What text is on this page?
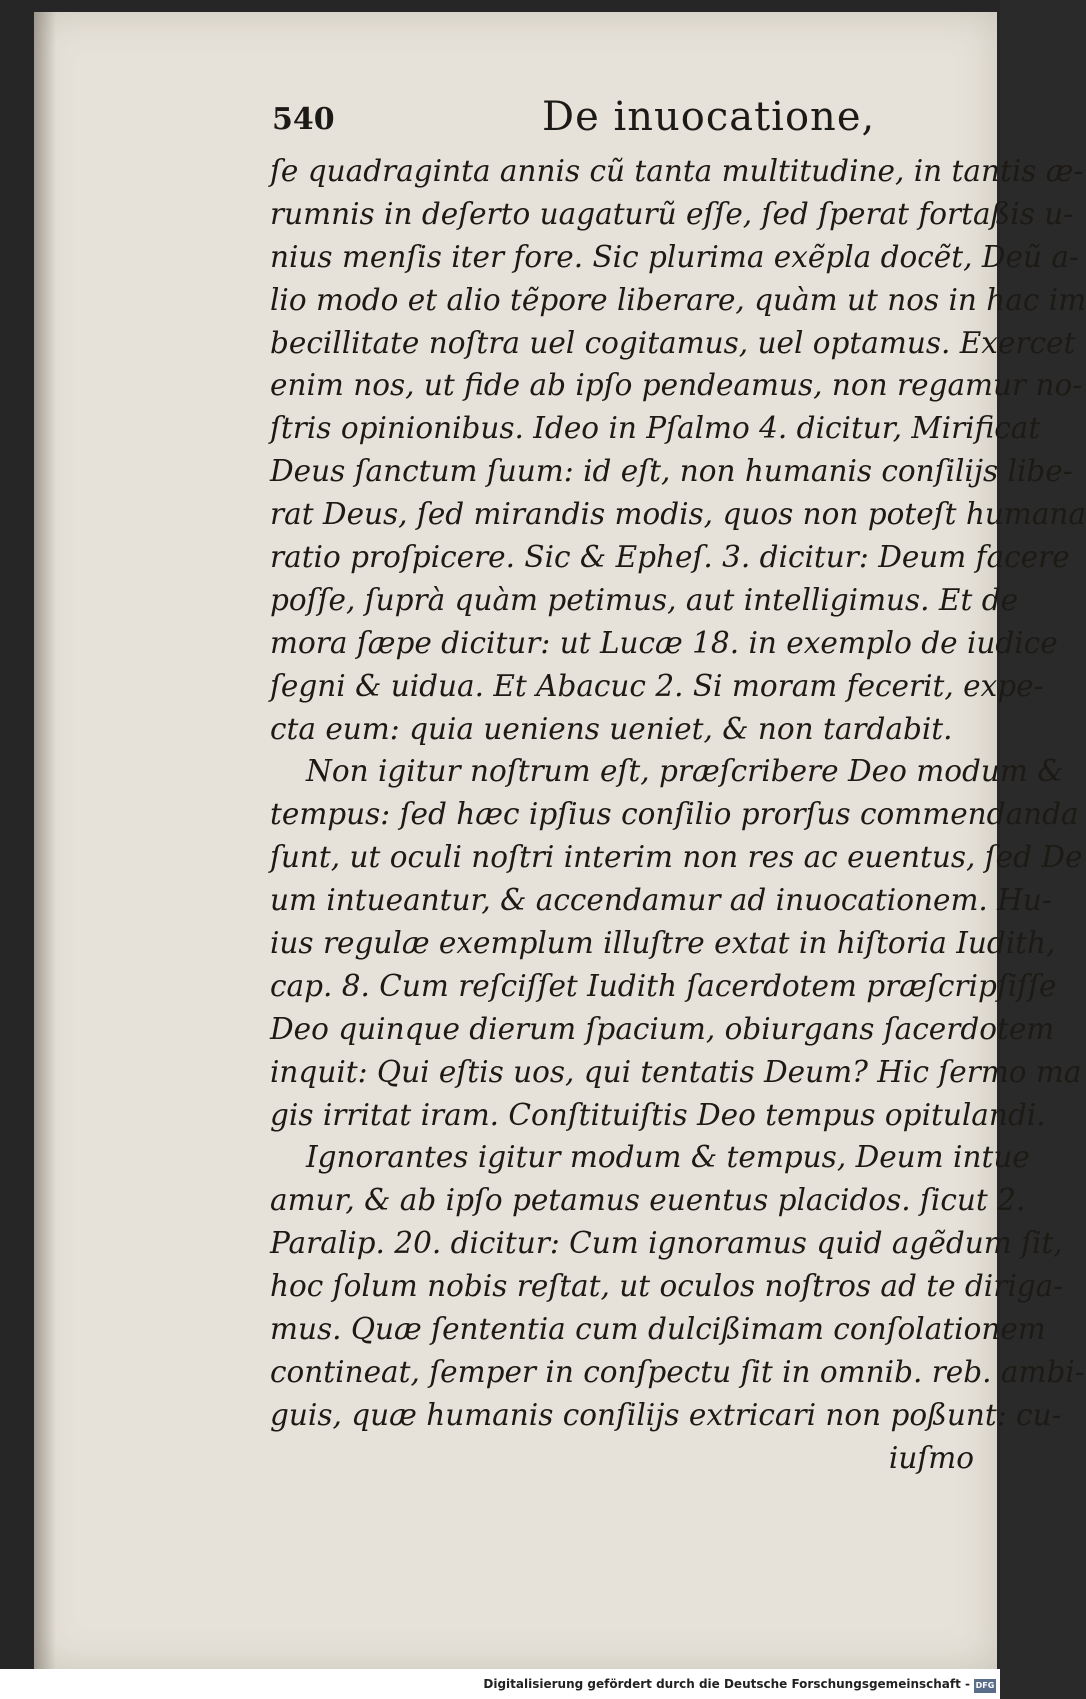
540	De inuocatione,
ſe quadraginta annis cũ tanta multitudine, in tantis æ-
rumnis in deſerto uagaturũ eſſe, ſed ſperat fortaßis u-
nius menſis iter fore. Sic plurima exẽpla docẽt, Deũ a-
lio modo et alio tẽpore liberare, quàm ut nos in hac im
becillitate noſtra uel cogitamus, uel optamus. Exercet
enim nos, ut fide ab ipſo pendeamus, non regamur no-
ſtris opinionibus. Ideo in Pſalmo 4. dicitur, Mirificat
Deus ſanctum ſuum: id eſt, non humanis conſilijs libe-
rat Deus, ſed mirandis modis, quos non poteſt humana
ratio proſpicere. Sic & Epheſ. 3. dicitur: Deum facere
poſſe, ſuprà quàm petimus, aut intelligimus. Et de
mora ſæpe dicitur: ut Lucæ 18. in exemplo de iudice
ſegni & uidua. Et Abacuc 2. Si moram fecerit, expe-
cta eum: quia ueniens ueniet, & non tardabit.
Non igitur noſtrum eſt, præſcribere Deo modum &
tempus: ſed hæc ipſius conſilio prorſus commendanda
ſunt, ut oculi noſtri interim non res ac euentus, ſed De
um intueantur, & accendamur ad inuocationem. Hu-
ius regulæ exemplum illuſtre extat in hiſtoria Iudith,
cap. 8. Cum reſciſſet Iudith ſacerdotem præſcripſiſſe
Deo quinque dierum ſpacium, obiurgans ſacerdotem
inquit: Qui eſtis uos, qui tentatis Deum? Hic ſermo ma
gis irritat iram. Conſtituiſtis Deo tempus opitulandi.
Ignorantes igitur modum & tempus, Deum intue
amur, & ab ipſo petamus euentus placidos. ſicut 2.
Paralip. 20. dicitur: Cum ignoramus quid agẽdum ſit,
hoc ſolum nobis reſtat, ut oculos noſtros ad te diriga-
mus. Quæ ſententia cum dulcißimam conſolationem
contineat, ſemper in conſpectu ſit in omnib. reb. ambi-
guis, quæ humanis conſilijs extricari non poßunt: cu-
iuſmo
Digitalisierung gefördert durch die Deutsche Forschungsgemeinschaft - DFG
